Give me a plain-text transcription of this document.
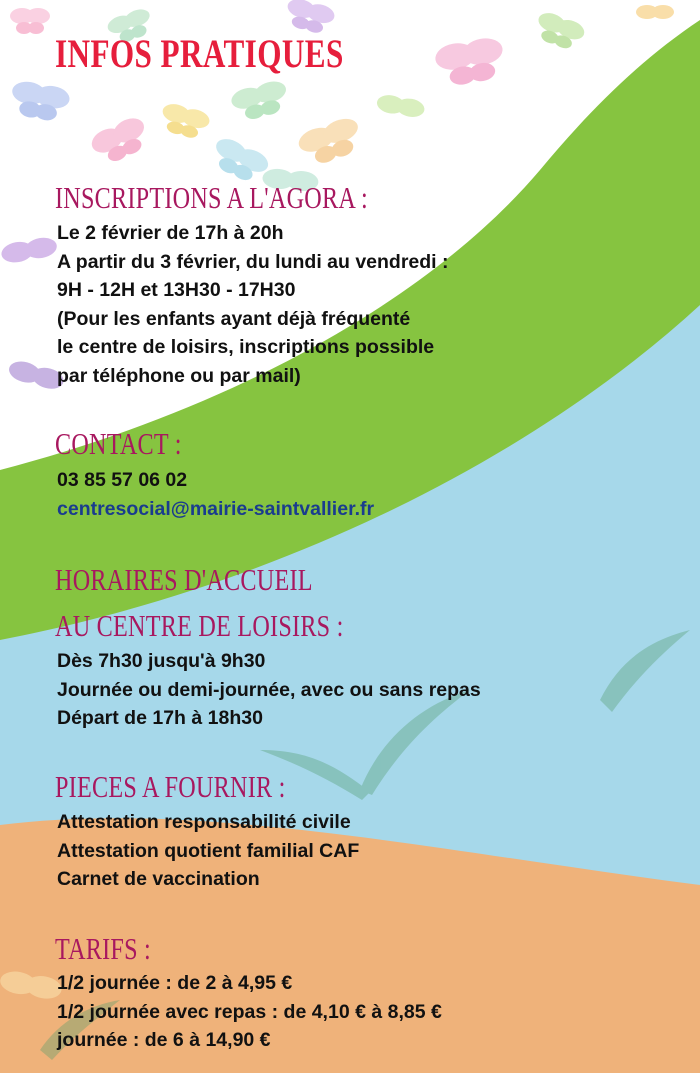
INFOS PRATIQUES
INSCRIPTIONS A L'AGORA :
Le 2 février de 17h à 20h
A partir du 3 février, du lundi au vendredi :
9H - 12H et 13H30 - 17H30
(Pour les enfants ayant déjà fréquenté
le centre de loisirs, inscriptions possible
par téléphone ou par mail)
CONTACT :
03 85 57 06 02
centresocial@mairie-saintvallier.fr
HORAIRES D'ACCUEIL
AU CENTRE DE LOISIRS :
Dès 7h30 jusqu'à 9h30
Journée ou demi-journée, avec ou sans repas
Départ de 17h à 18h30
PIECES A FOURNIR :
Attestation responsabilité civile
Attestation quotient familial CAF
Carnet de vaccination
TARIFS :
1/2 journée : de 2 à 4,95 €
1/2 journée avec repas : de 4,10 € à 8,85 €
journée : de 6 à 14,90 €
